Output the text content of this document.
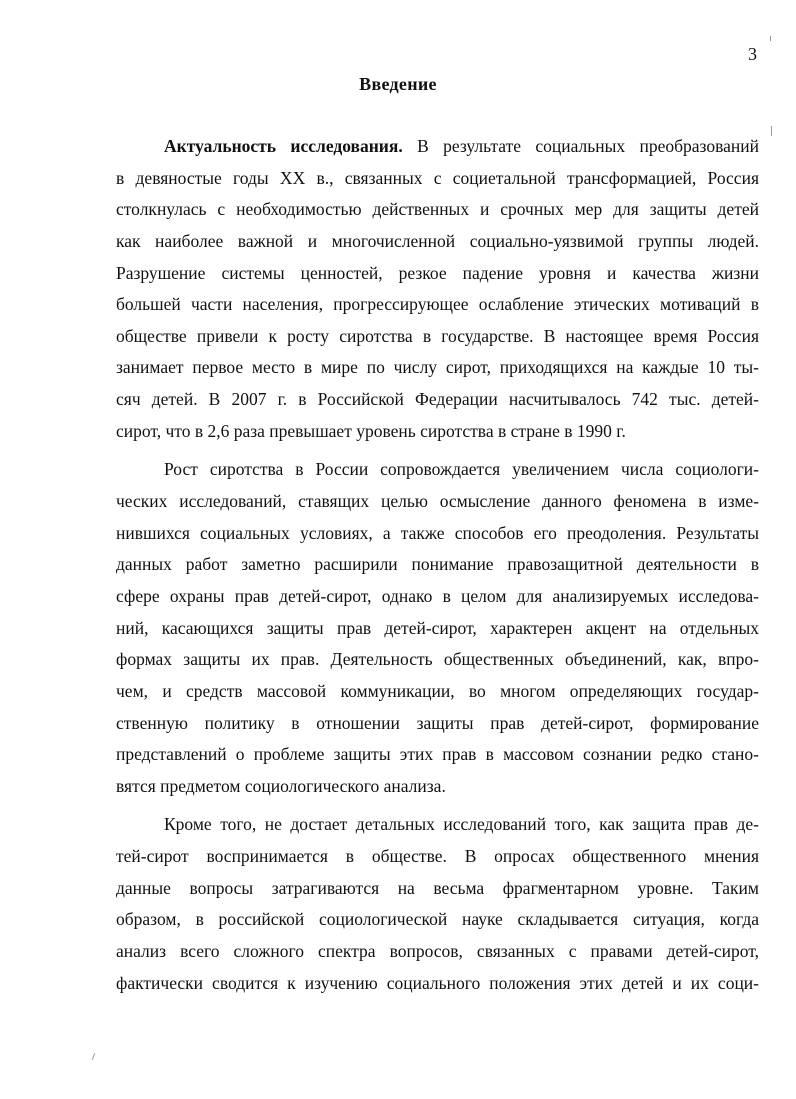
3
Введение
Актуальность исследования. В результате социальных преобразований
в девяностые годы XX в., связанных с социетальной трансформацией, Россия
столкнулась с необходимостью действенных и срочных мер для защиты детей
как наиболее важной и многочисленной социально-уязвимой группы людей.
Разрушение системы ценностей, резкое падение уровня и качества жизни
большей части населения, прогрессирующее ослабление этических мотиваций в
обществе привели к росту сиротства в государстве. В настоящее время Россия
занимает первое место в мире по числу сирот, приходящихся на каждые 10 ты-
сяч детей. В 2007 г. в Российской Федерации насчитывалось 742 тыс. детей-
сирот, что в 2,6 раза превышает уровень сиротства в стране в 1990 г.
Рост сиротства в России сопровождается увеличением числа социологи-
ческих исследований, ставящих целью осмысление данного феномена в изме-
нившихся социальных условиях, а также способов его преодоления. Результаты
данных работ заметно расширили понимание правозащитной деятельности в
сфере охраны прав детей-сирот, однако в целом для анализируемых исследова-
ний, касающихся защиты прав детей-сирот, характерен акцент на отдельных
формах защиты их прав. Деятельность общественных объединений, как, впро-
чем, и средств массовой коммуникации, во многом определяющих государ-
ственную политику в отношении защиты прав детей-сирот, формирование
представлений о проблеме защиты этих прав в массовом сознании редко стано-
вятся предметом социологического анализа.
Кроме того, не достает детальных исследований того, как защита прав де-
тей-сирот воспринимается в обществе. В опросах общественного мнения
данные вопросы затрагиваются на весьма фрагментарном уровне. Таким
образом, в российской социологической науке складывается ситуация, когда
анализ всего сложного спектра вопросов, связанных с правами детей-сирот,
фактически сводится к изучению социального положения этих детей и их соци-
